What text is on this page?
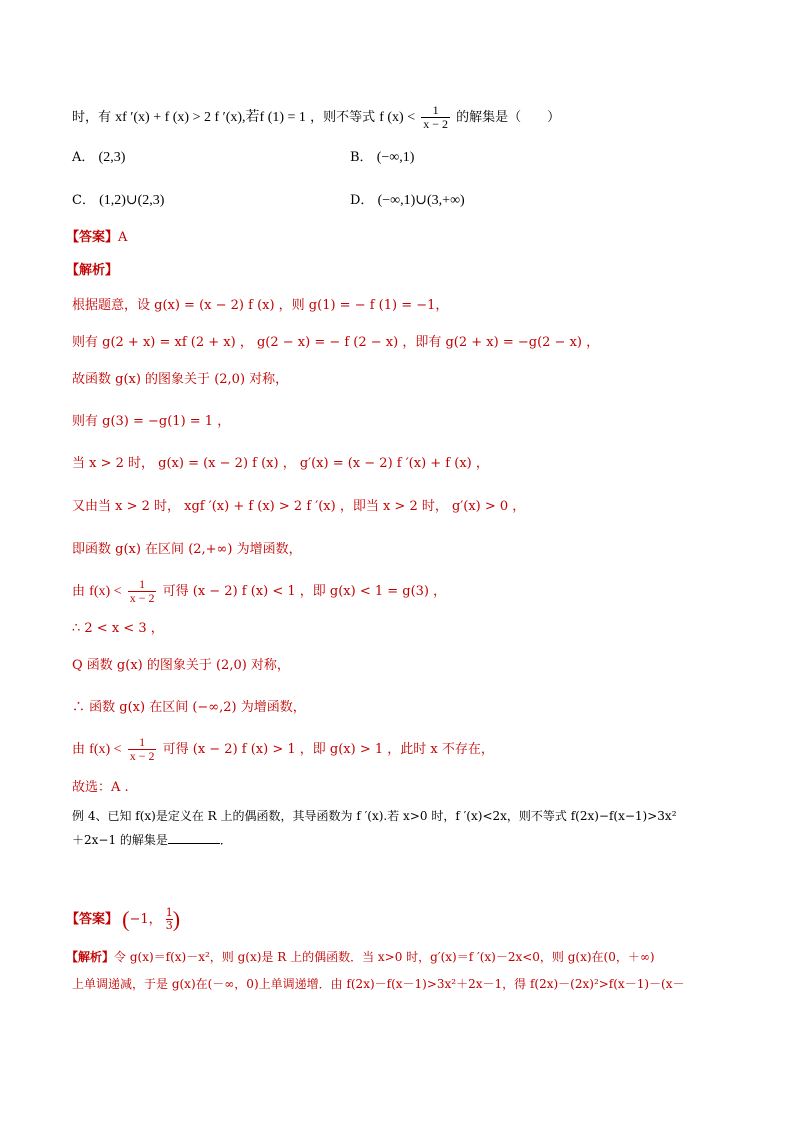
时，有 xf ′(x) + f (x) > 2 f ′(x),若f (1) = 1 ，则不等式 f $(x) < \frac{1}{x - 2}$ 的解集是（　　）
A． (2,3)	B． (−∞,1)
C． (1,2)∪(2,3)	D． (−∞,1)∪(3,+∞)
【答案】A
【解析】
根据题意，设 g(x) = (x − 2) f (x) ，则 g(1) = − f (1) = −1，
则有 g(2 + x) = xf (2 + x) ， g(2 − x) = − f (2 − x) ，即有 g(2 + x) = −g(2 − x) ，
故函数 g(x) 的图象关于 (2,0) 对称，
则有 g(3) = −g(1) = 1 ，
当 x > 2 时， g(x) = (x − 2) f (x) ， g′(x) = (x − 2) f ′(x) + f (x) ，
又由当 x > 2 时， xgf ′(x) + f (x) > 2 f ′(x) ，即当 x > 2 时， g′(x) > 0 ，
即函数 g(x) 在区间 (2,+∞) 为增函数，
由 $f(x) < \frac{1}{x - 2}$ 可得 (x − 2) f (x) < 1 ，即 g(x) < 1 = g(3) ，
∴ 2 < x < 3 ，
Q 函数 g(x) 的图象关于 (2,0) 对称，
∴ 函数 g(x) 在区间 (−∞,2) 为增函数，
由 $f(x) < \frac{1}{x - 2}$ 可得 (x − 2) f (x) > 1 ，即 g(x) > 1 ，此时 x 不存在，
故选：A .
例 4、已知 f(x)是定义在 R 上的偶函数，其导函数为 f ′(x).若 x>0 时，f ′(x)<2x，则不等式 f(2x)−f(x−1)>3x²
＋2x−1 的解集是	．
【答案】 (−1， $\frac{1}{3}$ )
【解析】令 g(x)＝f(x)－x²，则 g(x)是 R 上的偶函数．当 x>0 时，g′(x)＝f ′(x)－2x<0，则 g(x)在(0，＋∞)
上单调递减，于是 g(x)在(－∞，0)上单调递增．由 f(2x)－f(x－1)>3x²＋2x－1，得 f(2x)－(2x)²>f(x－1)－(x－
